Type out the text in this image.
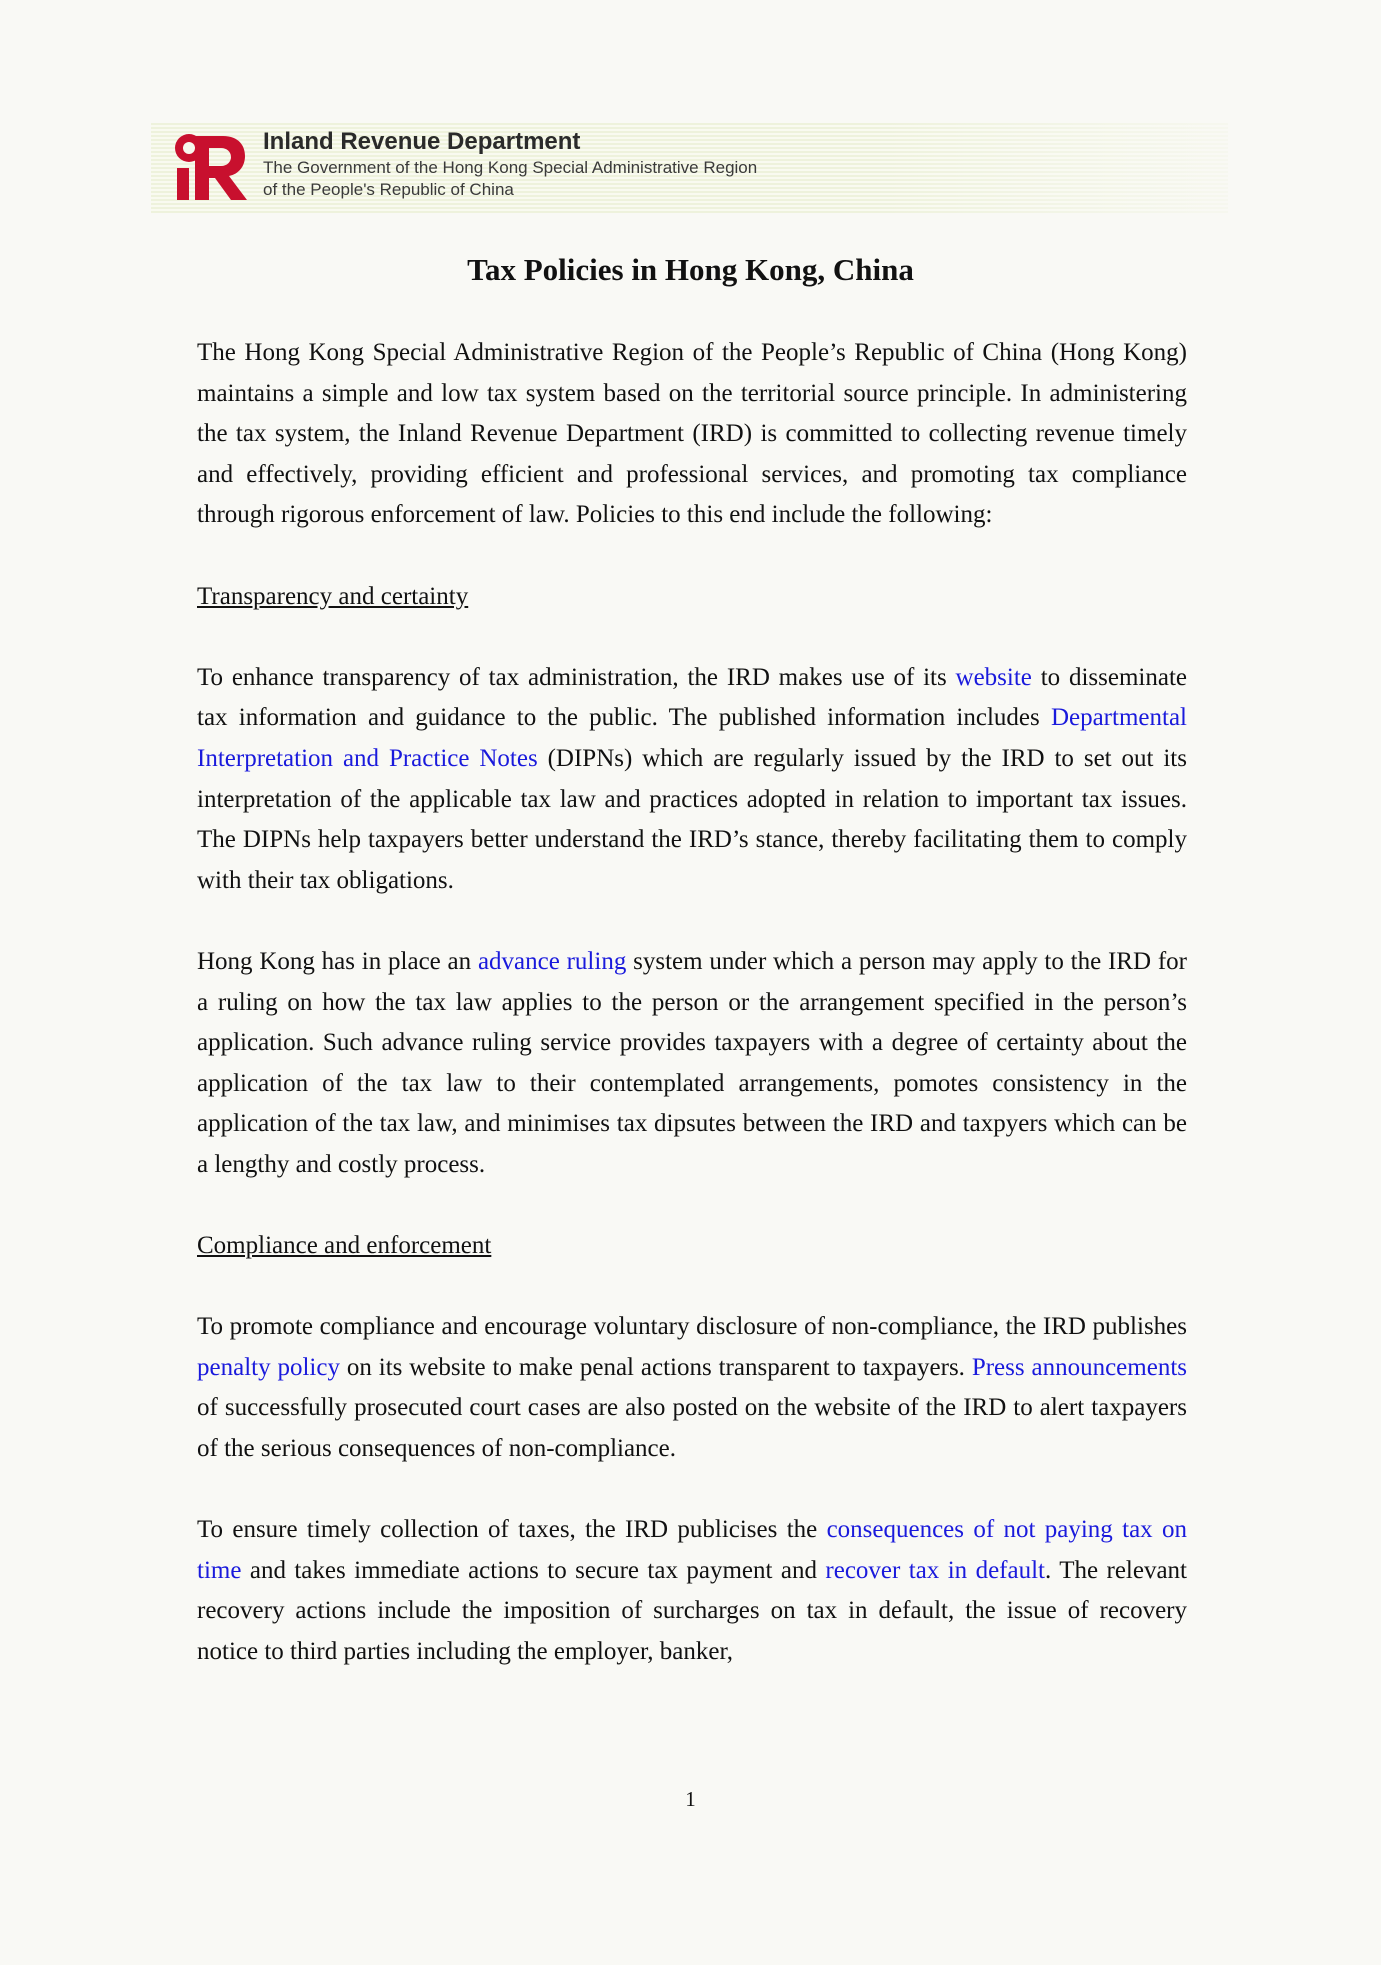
Inland Revenue Department
The Government of the Hong Kong Special Administrative Region
of the People's Republic of China
Tax Policies in Hong Kong, China

The Hong Kong Special Administrative Region of the People’s Republic of China (Hong Kong) maintains a simple and low tax system based on the territorial source principle. In administering the tax system, the Inland Revenue Department (IRD) is committed to collecting revenue timely and effectively, providing efficient and professional services, and promoting tax compliance through rigorous enforcement of law. Policies to this end include the following:

Transparency and certainty

To enhance transparency of tax administration, the IRD makes use of its website to disseminate tax information and guidance to the public. The published information includes Departmental Interpretation and Practice Notes (DIPNs) which are regularly issued by the IRD to set out its interpretation of the applicable tax law and practices adopted in relation to important tax issues. The DIPNs help taxpayers better understand the IRD’s stance, thereby facilitating them to comply with their tax obligations.

Hong Kong has in place an advance ruling system under which a person may apply to the IRD for a ruling on how the tax law applies to the person or the arrangement specified in the person’s application. Such advance ruling service provides taxpayers with a degree of certainty about the application of the tax law to their contemplated arrangements, pomotes consistency in the application of the tax law, and minimises tax dipsutes between the IRD and taxpyers which can be a lengthy and costly process.

Compliance and enforcement

To promote compliance and encourage voluntary disclosure of non-compliance, the IRD publishes penalty policy on its website to make penal actions transparent to taxpayers. Press announcements of successfully prosecuted court cases are also posted on the website of the IRD to alert taxpayers of the serious consequences of non-compliance.

To ensure timely collection of taxes, the IRD publicises the consequences of not paying tax on time and takes immediate actions to secure tax payment and recover tax in default. The relevant recovery actions include the imposition of surcharges on tax in default, the issue of recovery notice to third parties including the employer, banker,

1
